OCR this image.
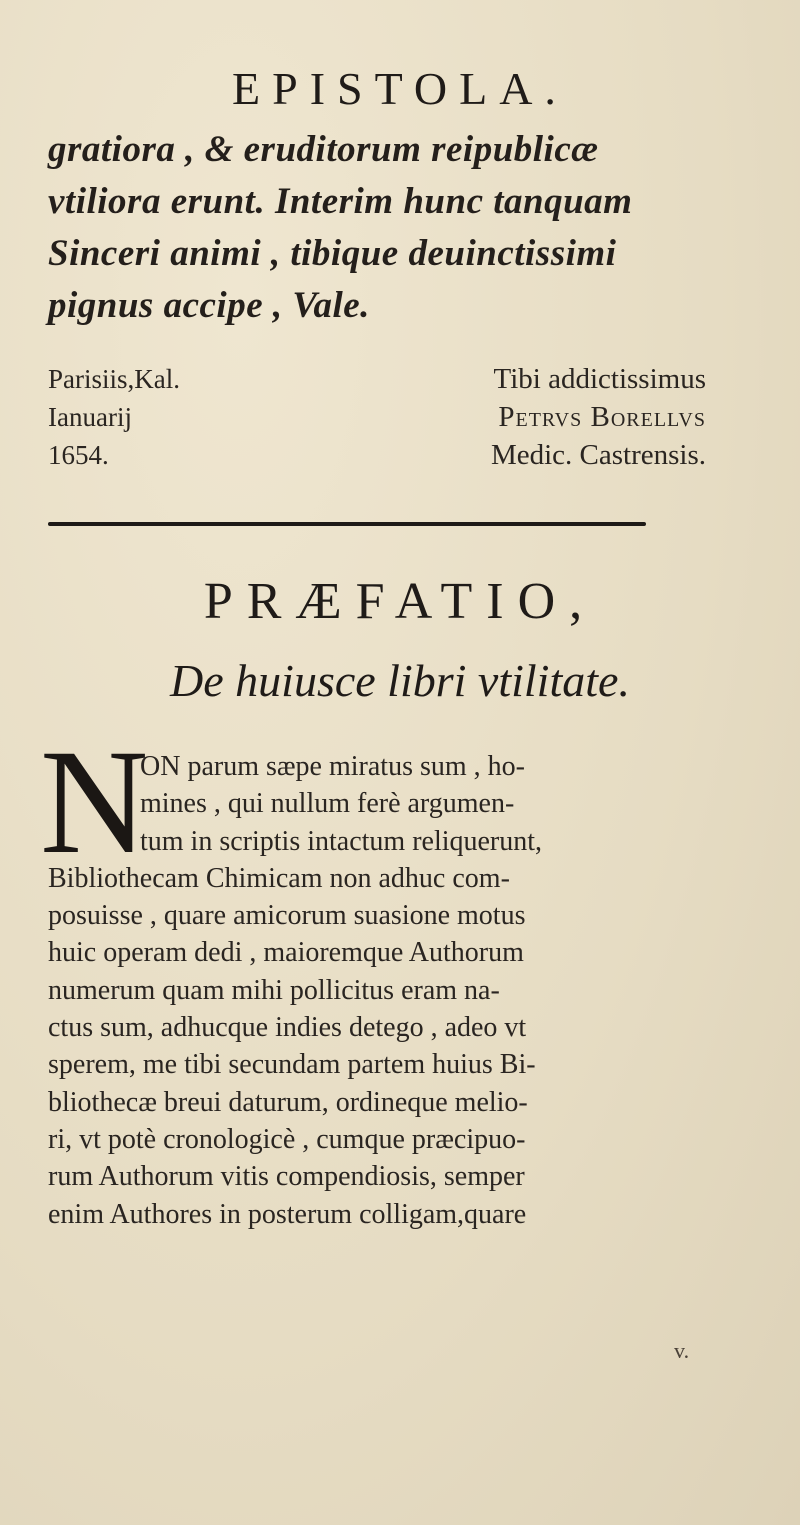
EPISTOLA.
gratiora , & eruditorum reipublicæ
vtiliora erunt. Interim hunc tanquam
Sinceri animi , tibique deuinctissimi
pignus accipe , Vale.
Parisiis,Kal.
Ianuarij
1654.
Tibi addictissimus
Petrvs Borellvs
Medic. Castrensis.
PRÆFATIO,
De huiusce libri vtilitate.
N
ON parum sæpe miratus sum , ho-
mines , qui nullum ferè argumen-
tum in scriptis intactum reliquerunt,
Bibliothecam Chimicam non adhuc com-
posuisse , quare amicorum suasione motus
huic operam dedi , maioremque Authorum
numerum quam mihi pollicitus eram na-
ctus sum, adhucque indies detego , adeo vt
sperem, me tibi secundam partem huius Bi-
bliothecæ breui daturum, ordineque melio-
ri, vt potè cronologicè , cumque præcipuo-
rum Authorum vitis compendiosis, semper
enim Authores in posterum colligam,quare
v.
